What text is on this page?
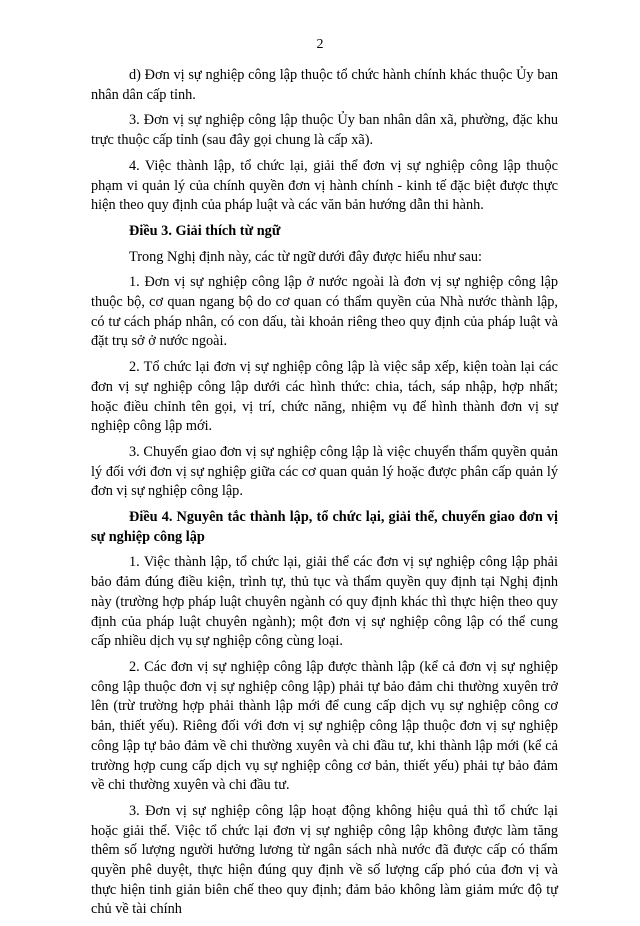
2

d) Đơn vị sự nghiệp công lập thuộc tổ chức hành chính khác thuộc Ủy ban nhân dân cấp tỉnh.

3. Đơn vị sự nghiệp công lập thuộc Ủy ban nhân dân xã, phường, đặc khu trực thuộc cấp tỉnh (sau đây gọi chung là cấp xã).

4. Việc thành lập, tổ chức lại, giải thể đơn vị sự nghiệp công lập thuộc phạm vi quản lý của chính quyền đơn vị hành chính - kinh tế đặc biệt được thực hiện theo quy định của pháp luật và các văn bản hướng dẫn thi hành.

Điều 3. Giải thích từ ngữ

Trong Nghị định này, các từ ngữ dưới đây được hiểu như sau:

1. Đơn vị sự nghiệp công lập ở nước ngoài là đơn vị sự nghiệp công lập thuộc bộ, cơ quan ngang bộ do cơ quan có thẩm quyền của Nhà nước thành lập, có tư cách pháp nhân, có con dấu, tài khoản riêng theo quy định của pháp luật và đặt trụ sở ở nước ngoài.

2. Tổ chức lại đơn vị sự nghiệp công lập là việc sắp xếp, kiện toàn lại các đơn vị sự nghiệp công lập dưới các hình thức: chia, tách, sáp nhập, hợp nhất; hoặc điều chỉnh tên gọi, vị trí, chức năng, nhiệm vụ để hình thành đơn vị sự nghiệp công lập mới.

3. Chuyển giao đơn vị sự nghiệp công lập là việc chuyển thẩm quyền quản lý đối với đơn vị sự nghiệp giữa các cơ quan quản lý hoặc được phân cấp quản lý đơn vị sự nghiệp công lập.

Điều 4. Nguyên tắc thành lập, tổ chức lại, giải thể, chuyển giao đơn vị sự nghiệp công lập

1. Việc thành lập, tổ chức lại, giải thể các đơn vị sự nghiệp công lập phải bảo đảm đúng điều kiện, trình tự, thủ tục và thẩm quyền quy định tại Nghị định này (trường hợp pháp luật chuyên ngành có quy định khác thì thực hiện theo quy định của pháp luật chuyên ngành); một đơn vị sự nghiệp công lập có thể cung cấp nhiều dịch vụ sự nghiệp công cùng loại.

2. Các đơn vị sự nghiệp công lập được thành lập (kể cả đơn vị sự nghiệp công lập thuộc đơn vị sự nghiệp công lập) phải tự bảo đảm chi thường xuyên trở lên (trừ trường hợp phải thành lập mới để cung cấp dịch vụ sự nghiệp công cơ bản, thiết yếu). Riêng đối với đơn vị sự nghiệp công lập thuộc đơn vị sự nghiệp công lập tự bảo đảm về chi thường xuyên và chi đầu tư, khi thành lập mới (kể cả trường hợp cung cấp dịch vụ sự nghiệp công cơ bản, thiết yếu) phải tự bảo đảm về chi thường xuyên và chi đầu tư.

3. Đơn vị sự nghiệp công lập hoạt động không hiệu quả thì tổ chức lại hoặc giải thể. Việc tổ chức lại đơn vị sự nghiệp công lập không được làm tăng thêm số lượng người hưởng lương từ ngân sách nhà nước đã được cấp có thẩm quyền phê duyệt, thực hiện đúng quy định về số lượng cấp phó của đơn vị và thực hiện tinh giản biên chế theo quy định; đảm bảo không làm giảm mức độ tự chủ về tài chính
